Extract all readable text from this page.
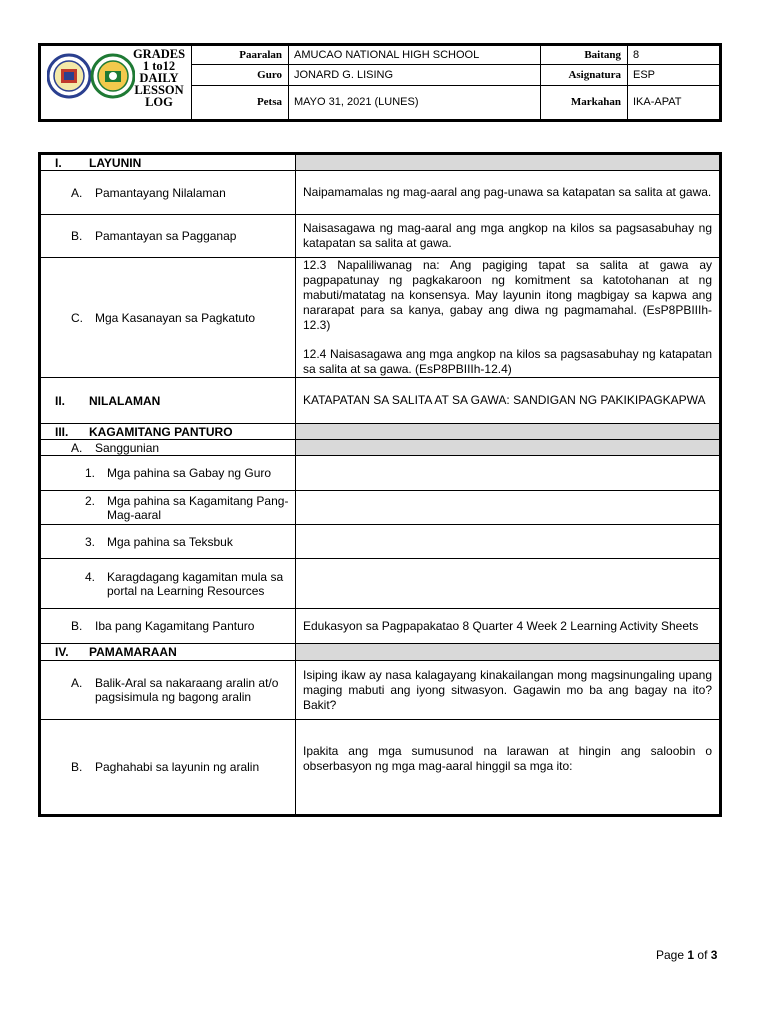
GRADES
1 to12
DAILY
LESSON
LOG	Paaralan	AMUCAO NATIONAL HIGH SCHOOL	Baitang	8
	Guro	JONARD G. LISING	Asignatura	ESP
	Petsa	MAYO 31, 2021 (LUNES)	Markahan	IKA-APAT
I. LAYUNIN	
A. Pamantayang Nilalaman	Naipamamalas ng mag-aaral ang pag-unawa sa katapatan sa salita at gawa.
B. Pamantayan sa Pagganap	Naisasagawa ng mag-aaral ang mga angkop na kilos sa pagsasabuhay ng katapatan sa salita at gawa.
C. Mga Kasanayan sa Pagkatuto	12.3 Napaliliwanag na: Ang pagiging tapat sa salita at gawa ay pagpapatunay ng pagkakaroon ng komitment sa katotohanan at ng mabuti/matatag na konsensya. May layunin itong magbigay sa kapwa ang nararapat para sa kanya, gabay ang diwa ng pagmamahal. (EsP8PBIIIh-12.3)
12.4 Naisasagawa ang mga angkop na kilos sa pagsasabuhay ng katapatan sa salita at sa gawa. (EsP8PBIIIh-12.4)

II. NILALAMAN	KATAPATAN SA SALITA AT SA GAWA: SANDIGAN NG PAKIKIPAGKAPWA
III. KAGAMITANG PANTURO	
A. Sanggunian	

1. Mga pahina sa Gabay ng Guro	

2. Mga pahina sa Kagamitang Pang-Mag-aaral	

3. Mga pahina sa Teksbuk	

4. Karagdagang kagamitan mula sa portal na Learning Resources	

B. Iba pang Kagamitang Panturo	Edukasyon sa Pagpapakatao 8 Quarter 4 Week 2 Learning Activity Sheets
IV. PAMAMARAAN	

A. Balik-Aral sa nakaraang aralin at/o pagsisimula ng bagong aralin	Isiping ikaw ay nasa kalagayang kinakailangan mong magsinungaling upang maging mabuti ang iyong sitwasyon. Gagawin mo ba ang bagay na ito? Bakit?
B. Paghahabi sa layunin ng aralin	Ipakita ang mga sumusunod na larawan at hingin ang saloobin o obserbasyon ng mga mag-aaral hinggil sa mga ito:
Page 1 of 3
